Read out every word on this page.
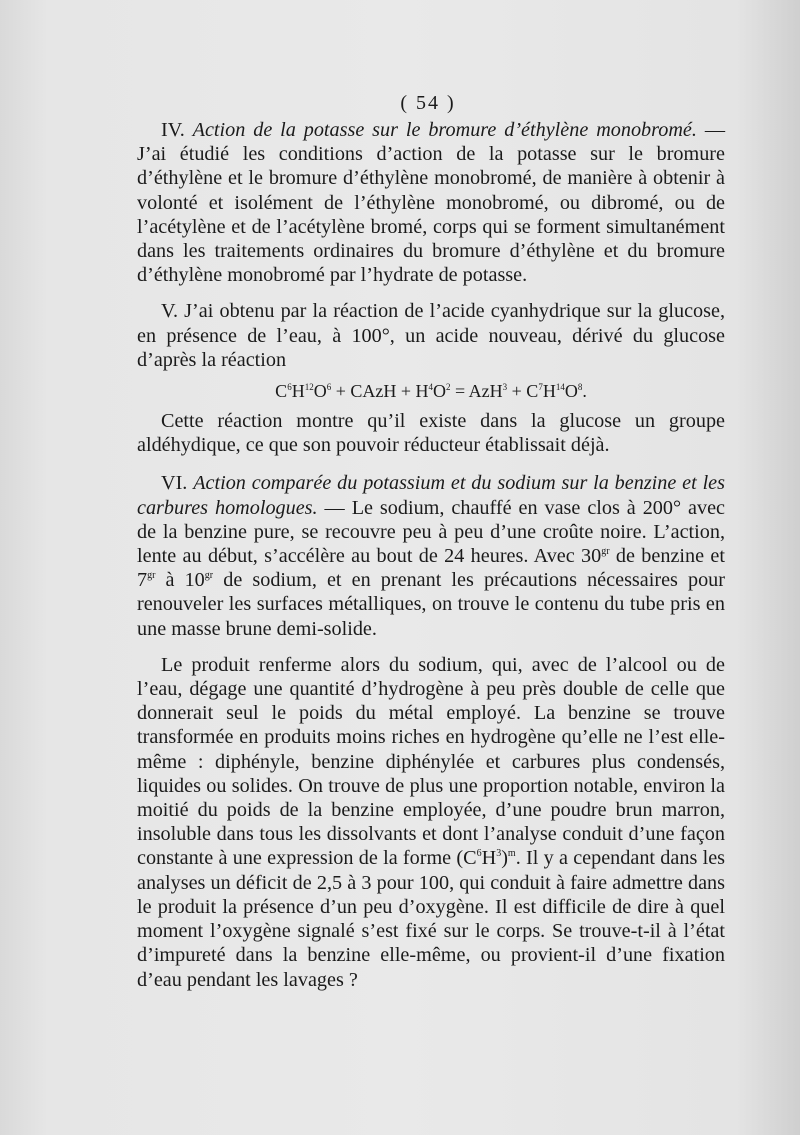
( 54 )

IV. Action de la potasse sur le bromure d’éthylène monobromé. — J’ai étudié les conditions d’action de la potasse sur le bromure d’éthylène et le bromure d’éthylène monobromé, de manière à obtenir à volonté et isolément de l’éthylène monobromé, ou dibromé, ou de l’acétylène et de l’acétylène bromé, corps qui se forment simultanément dans les traitements ordinaires du bromure d’éthylène et du bromure d’éthylène monobromé par l’hydrate de potasse.

V. J’ai obtenu par la réaction de l’acide cyanhydrique sur la glucose, en présence de l’eau, à 100°, un acide nouveau, dérivé du glucose d’après la réaction

$C^6H^{12}O^6$ + CAzH + $H^4O^2 = AzH^3 + C^7H^{14}O^8$.

Cette réaction montre qu’il existe dans la glucose un groupe aldéhydique, ce que son pouvoir réducteur établissait déjà.

VI. Action comparée du potassium et du sodium sur la benzine et les carbures homologues. — Le sodium, chauffé en vase clos à 200° avec de la benzine pure, se recouvre peu à peu d’une croûte noire. L’action, lente au début, s’accélère au bout de 24 heures. Avec $30^{gr}$ de benzine et $7^{gr}$ à $10^{gr}$ de sodium, et en prenant les précautions nécessaires pour renouveler les surfaces métalliques, on trouve le contenu du tube pris en une masse brune demi-solide.

Le produit renferme alors du sodium, qui, avec de l’alcool ou de l’eau, dégage une quantité d’hydrogène à peu près double de celle que donnerait seul le poids du métal employé. La benzine se trouve transformée en produits moins riches en hydrogène qu’elle ne l’est elle-même : diphényle, benzine diphénylée et carbures plus condensés, liquides ou solides. On trouve de plus une proportion notable, environ la moitié du poids de la benzine employée, d’une poudre brun marron, insoluble dans tous les dissolvants et dont l’analyse conduit d’une façon constante à une expression de la forme $(C^6H^3)^m$. Il y a cependant dans les analyses un déficit de 2,5 à 3 pour 100, qui conduit à faire admettre dans le produit la présence d’un peu d’oxygène. Il est difficile de dire à quel moment l’oxygène signalé s’est fixé sur le corps. Se trouve-t-il à l’état d’impureté dans la benzine elle-même, ou provient-il d’une fixation d’eau pendant les lavages ?
